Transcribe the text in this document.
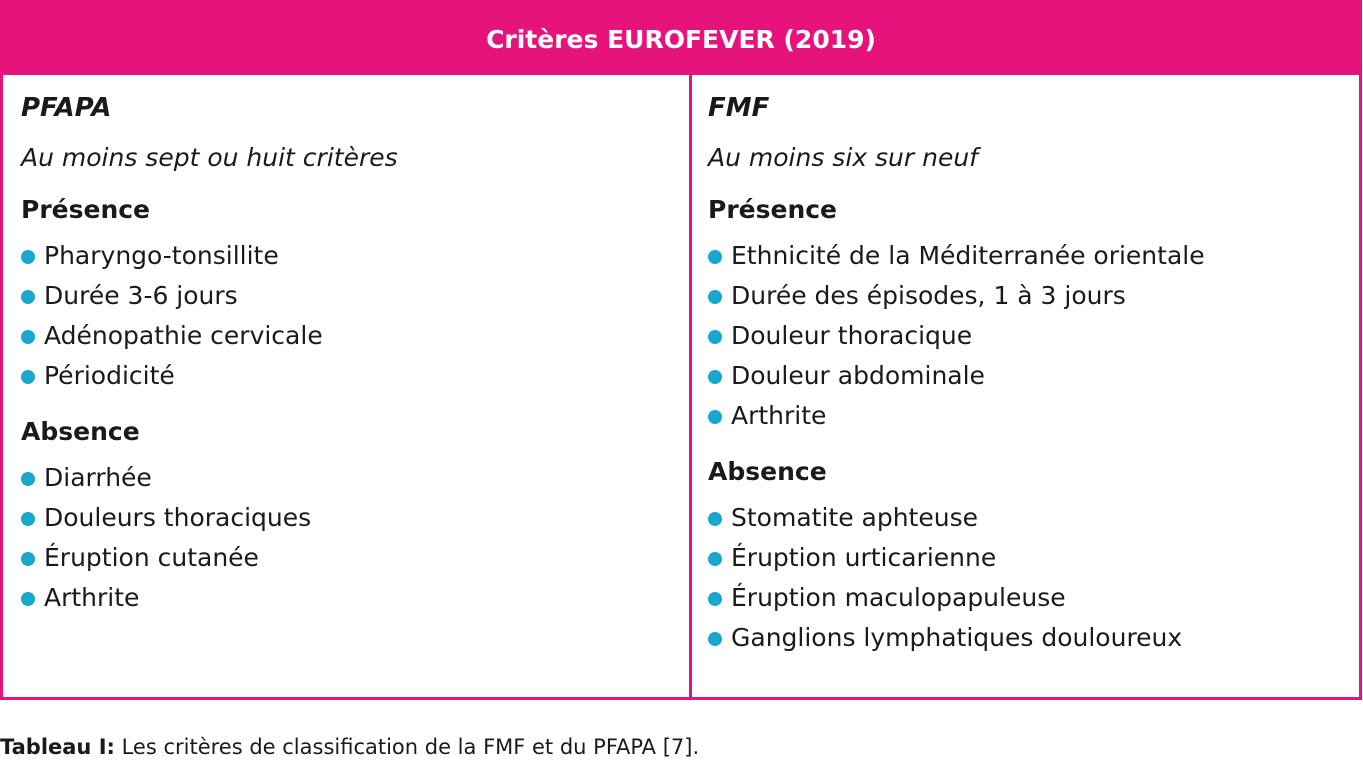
Critères EUROFEVER (2019)
PFAPA
Au moins sept ou huit critères
Présence
Pharyngo-tonsillite
Durée 3-6 jours
Adénopathie cervicale
Périodicité
Absence
Diarrhée
Douleurs thoraciques
Éruption cutanée
Arthrite
FMF
Au moins six sur neuf
Présence
Ethnicité de la Méditerranée orientale
Durée des épisodes, 1 à 3 jours
Douleur thoracique
Douleur abdominale
Arthrite
Absence
Stomatite aphteuse
Éruption urticarienne
Éruption maculopapuleuse
Ganglions lymphatiques douloureux
Tableau I: Les critères de classification de la FMF et du PFAPA [7].
